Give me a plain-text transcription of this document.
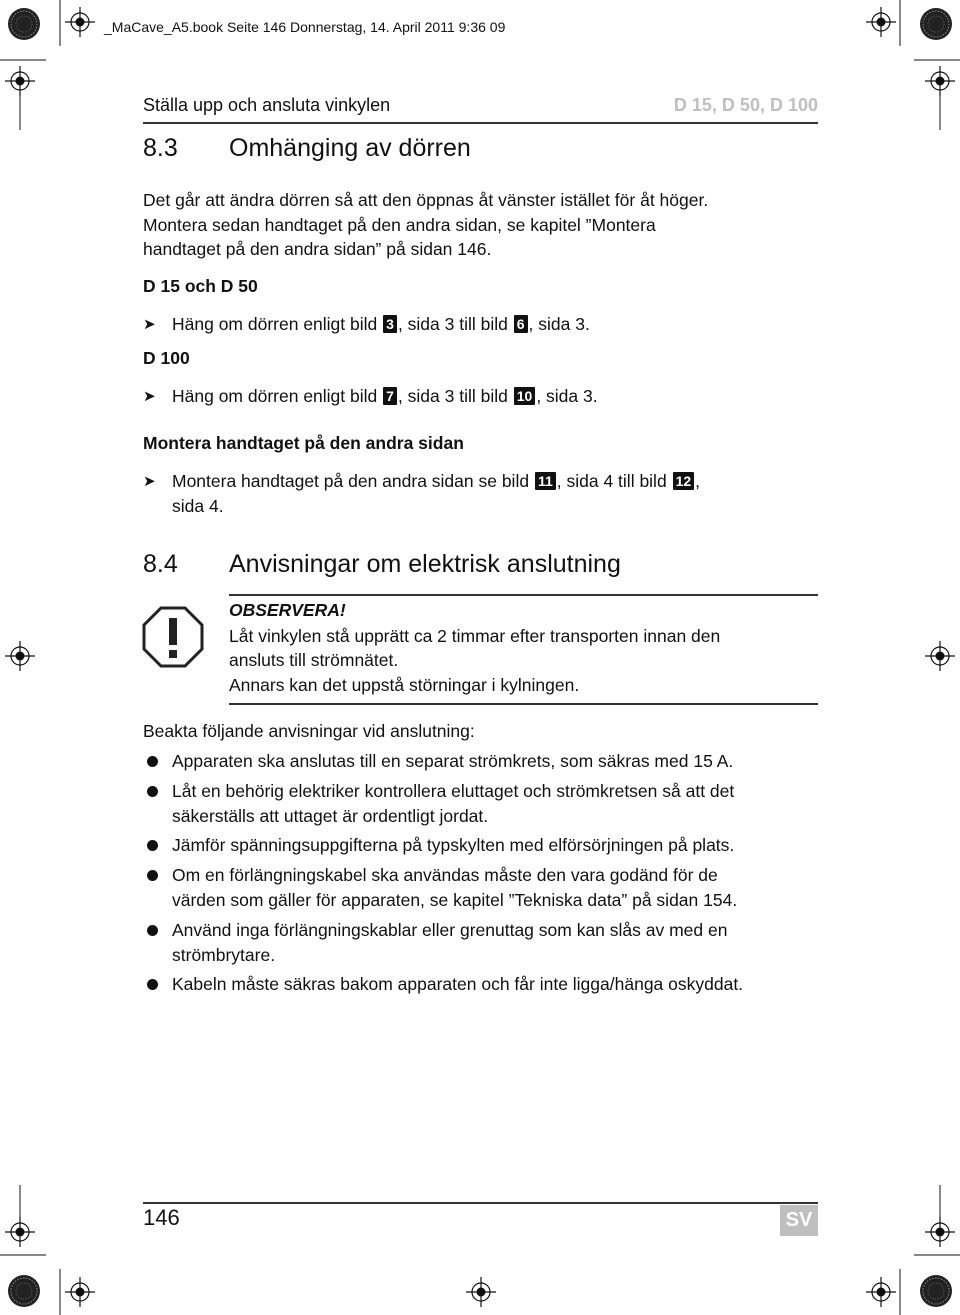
_MaCave_A5.book Seite 146 Donnerstag, 14. April 2011 9:36 09
Ställa upp och ansluta vinkylen	D 15, D 50, D 100
8.3 Omhänging av dörren
Det går att ändra dörren så att den öppnas åt vänster istället för åt höger.
Montera sedan handtaget på den andra sidan, se kapitel ”Montera
handtaget på den andra sidan” på sidan 146.
D 15 och D 50
➤ Häng om dörren enligt bild 3 , sida 3 till bild 6 , sida 3.
D 100
➤ Häng om dörren enligt bild 7 , sida 3 till bild 10 , sida 3.
Montera handtaget på den andra sidan
➤ Montera handtaget på den andra sidan se bild 11 , sida 4 till bild 12 ,
sida 4.
8.4 Anvisningar om elektrisk anslutning
OBSERVERA!
Låt vinkylen stå upprätt ca 2 timmar efter transporten innan den
ansluts till strömnätet.
Annars kan det uppstå störningar i kylningen.
Beakta följande anvisningar vid anslutning:
Apparaten ska anslutas till en separat strömkrets, som säkras med 15 A.
Låt en behörig elektriker kontrollera eluttaget och strömkretsen så att det
säkerställs att uttaget är ordentligt jordat.
Jämför spänningsuppgifterna på typskylten med elförsörjningen på plats.
Om en förlängningskabel ska användas måste den vara godänd för de
värden som gäller för apparaten, se kapitel ”Tekniska data” på sidan 154.
Använd inga förlängningskablar eller grenuttag som kan slås av med en
strömbrytare.
Kabeln måste säkras bakom apparaten och får inte ligga/hänga oskyddat.
146	SV
